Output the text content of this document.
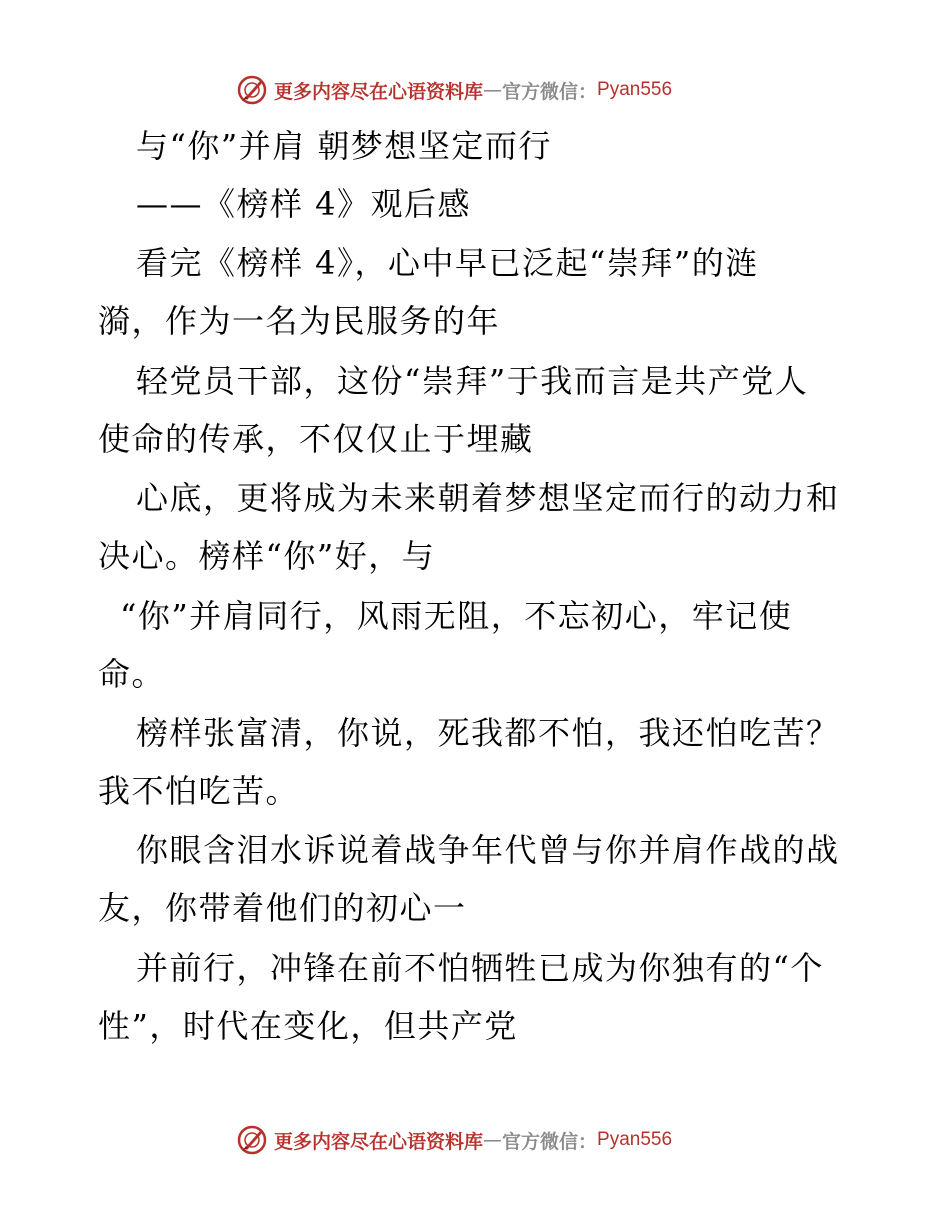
更多内容尽在心语资料库 — 官方微信： Pyan556
与“你”并肩 朝梦想坚定而行
——《榜样 4》观后感
看完《榜样 4》，心中早已泛起“崇拜”的涟
漪，作为一名为民服务的年
轻党员干部，这份“崇拜”于我而言是共产党人
使命的传承，不仅仅止于埋藏
心底，更将成为未来朝着梦想坚定而行的动力和
决心。榜样“你”好，与
“你”并肩同行，风雨无阻，不忘初心，牢记使
命。
榜样张富清，你说，死我都不怕，我还怕吃苦？
我不怕吃苦。
你眼含泪水诉说着战争年代曾与你并肩作战的战
友，你带着他们的初心一
并前行，冲锋在前不怕牺牲已成为你独有的“个
性”，时代在变化，但共产党
更多内容尽在心语资料库 — 官方微信： Pyan556
